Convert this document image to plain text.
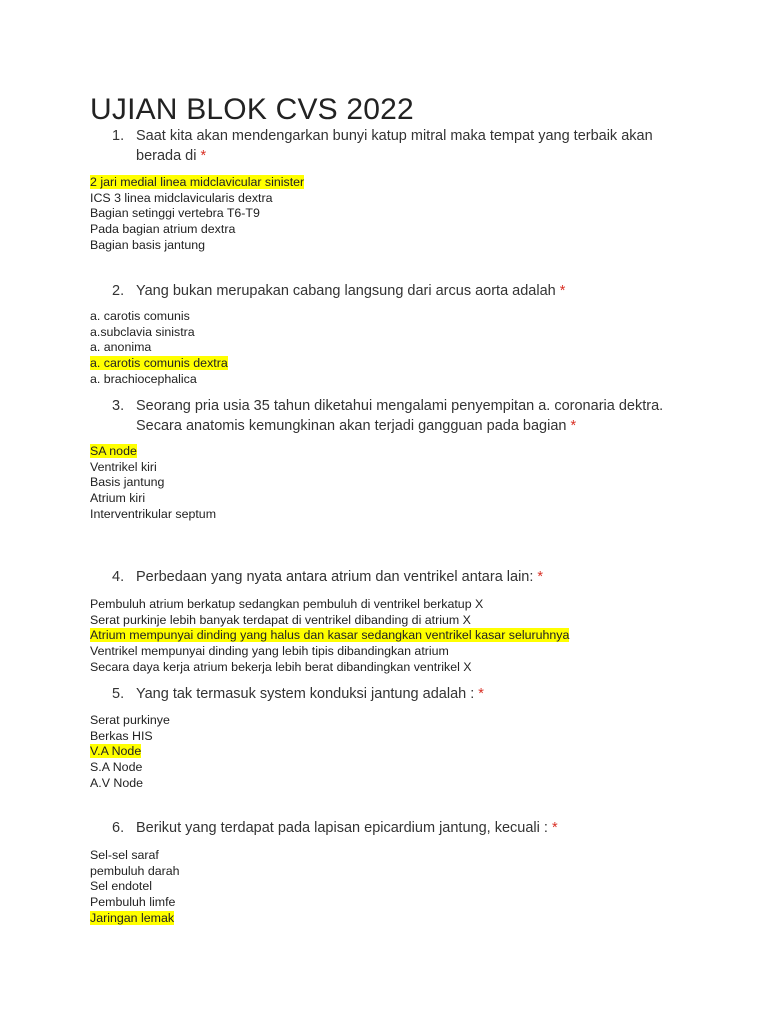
UJIAN BLOK CVS 2022
1. Saat kita akan mendengarkan bunyi katup mitral maka tempat yang terbaik akan berada di *
2 jari medial linea midclavicular sinister
ICS 3 linea midclavicularis dextra
Bagian setinggi vertebra T6-T9
Pada bagian atrium dextra
Bagian basis jantung
2. Yang bukan merupakan cabang langsung dari arcus aorta adalah *
a. carotis comunis
a.subclavia sinistra
a. anonima
a. carotis comunis dextra
a. brachiocephalica
3. Seorang pria usia 35 tahun diketahui mengalami penyempitan a. coronaria dektra. Secara anatomis kemungkinan akan terjadi gangguan pada bagian *
SA node
Ventrikel kiri
Basis jantung
Atrium kiri
Interventrikular septum
4. Perbedaan yang nyata antara atrium dan ventrikel antara lain: *
Pembuluh atrium berkatup sedangkan pembuluh di ventrikel berkatup X
Serat purkinje lebih banyak terdapat di ventrikel dibanding di atrium X
Atrium mempunyai dinding yang halus dan kasar sedangkan ventrikel kasar seluruhnya
Ventrikel mempunyai dinding yang lebih tipis dibandingkan atrium
Secara daya kerja atrium bekerja lebih berat dibandingkan ventrikel X
5. Yang tak termasuk system konduksi jantung adalah : *
Serat purkinye
Berkas HIS
V.A Node
S.A Node
A.V Node
6. Berikut yang terdapat pada lapisan epicardium jantung, kecuali : *
Sel-sel saraf
pembuluh darah
Sel endotel
Pembuluh limfe
Jaringan lemak
